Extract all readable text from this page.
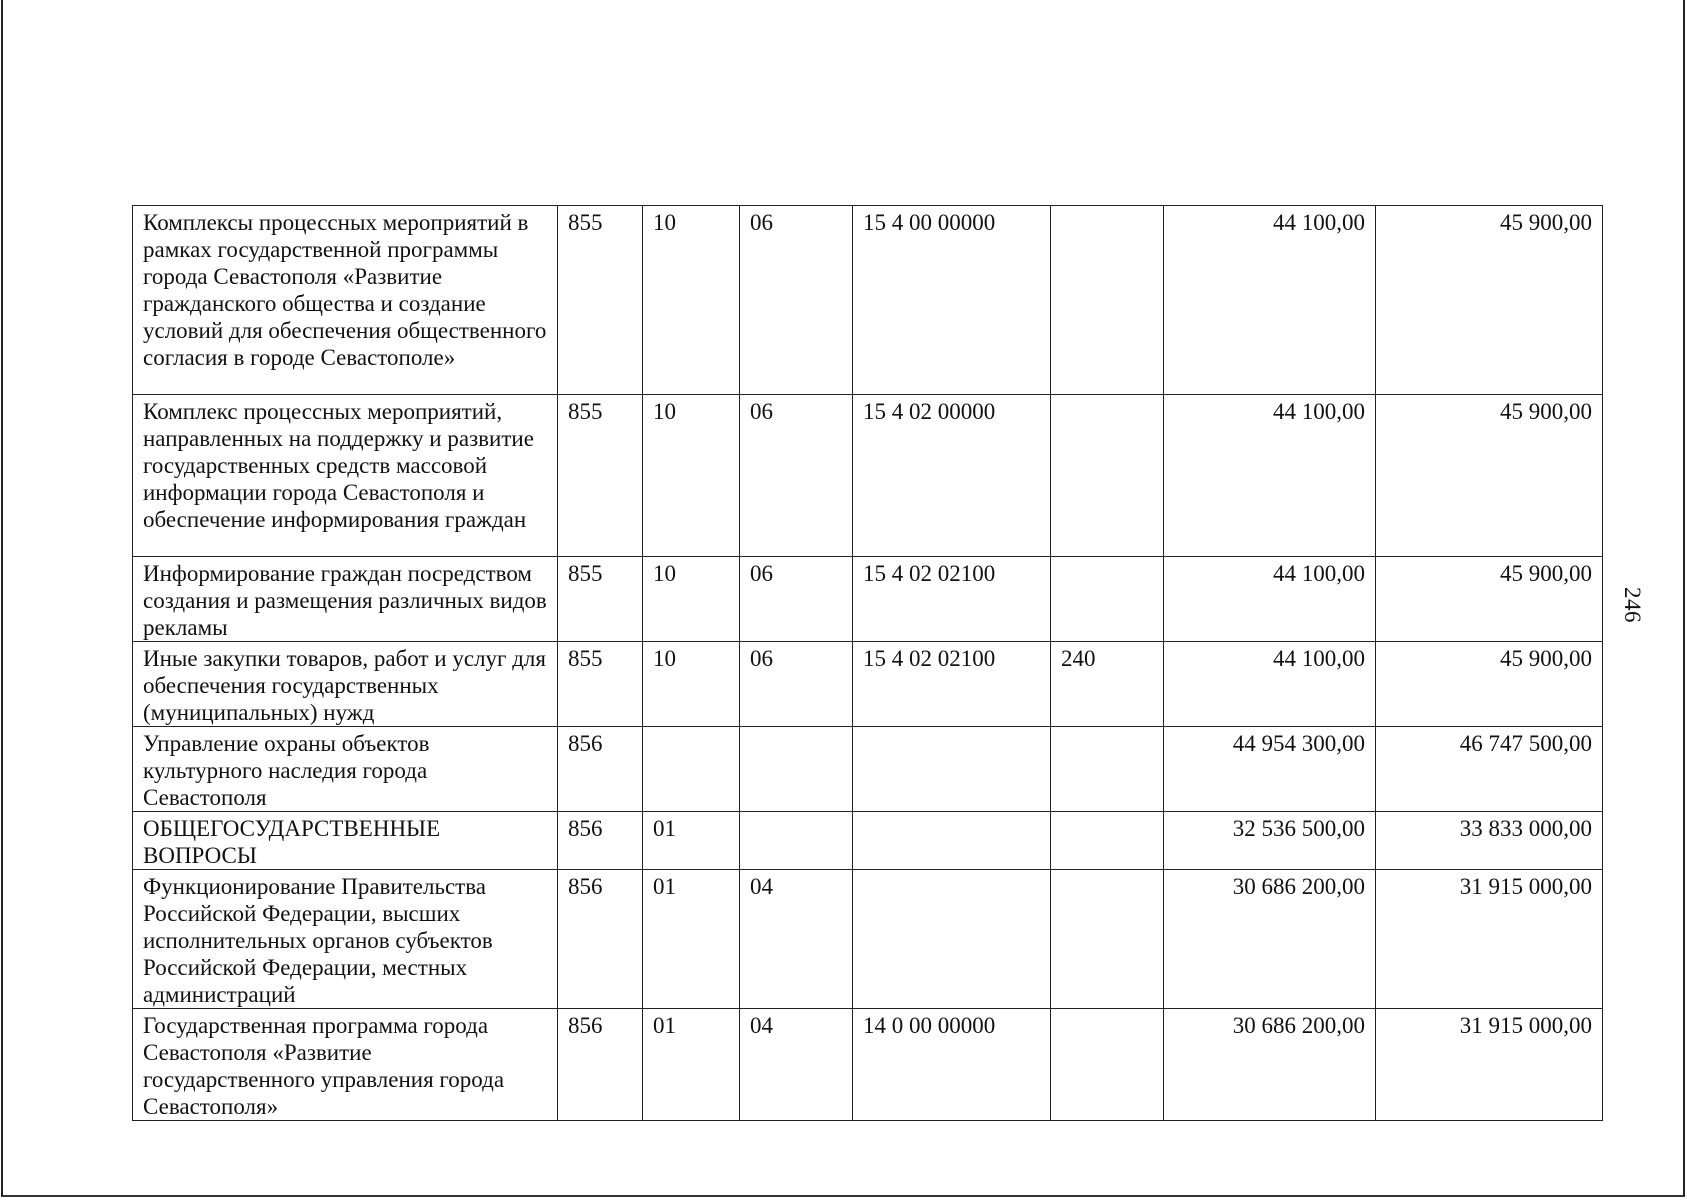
246
Комплексы процессных мероприятий в рамках государственной программы города Севастополя «Развитие гражданского общества и создание условий для обеспечения общественного согласия в городе Севастополе»	855	10	06	15 4 00 00000		44 100,00	45 900,00
Комплекс процессных мероприятий, направленных на поддержку и развитие государственных средств массовой информации города Севастополя и обеспечение информирования граждан	855	10	06	15 4 02 00000		44 100,00	45 900,00
Информирование граждан посредством создания и размещения различных видов рекламы	855	10	06	15 4 02 02100		44 100,00	45 900,00
Иные закупки товаров, работ и услуг для обеспечения государственных (муниципальных) нужд	855	10	06	15 4 02 02100	240	44 100,00	45 900,00
Управление охраны объектов культурного наследия города Севастополя	856					44 954 300,00	46 747 500,00
ОБЩЕГОСУДАРСТВЕННЫЕ ВОПРОСЫ	856	01				32 536 500,00	33 833 000,00
Функционирование Правительства Российской Федерации, высших исполнительных органов субъектов Российской Федерации, местных администраций	856	01	04			30 686 200,00	31 915 000,00
Государственная программа города Севастополя «Развитие государственного управления города Севастополя»	856	01	04	14 0 00 00000		30 686 200,00	31 915 000,00
